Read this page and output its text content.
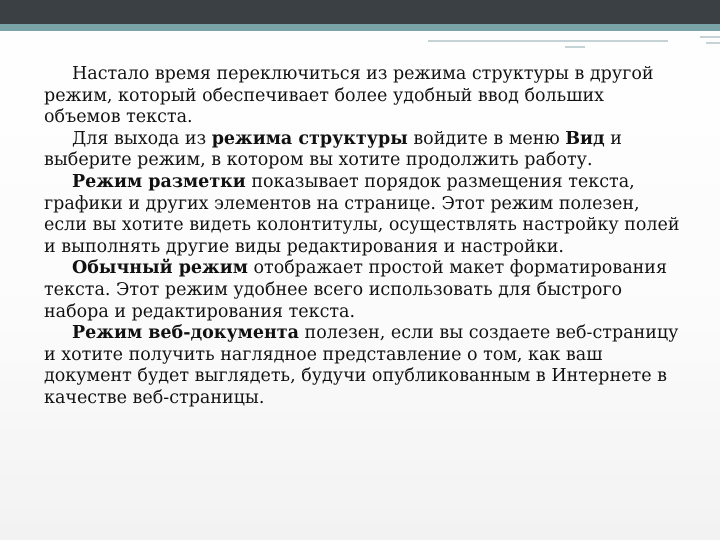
Настало время переключиться из режима структуры в другой режим, который обеспечивает более удобный ввод больших объемов текста.

Для выхода из режима структуры войдите в меню Вид и выберите режим, в котором вы хотите продолжить работу.

Режим разметки показывает порядок размещения текста, графики и других элементов на странице. Этот режим полезен, если вы хотите видеть колонтитулы, осуществлять настройку полей и выполнять другие виды редактирования и настройки.

Обычный режим отображает простой макет форматирования текста. Этот режим удобнее всего использовать для быстрого набора и редактирования текста.

Режим веб-документа полезен, если вы создаете веб-страницу и хотите получить наглядное представление о том, как ваш документ будет выглядеть, будучи опубликованным в Интернете в качестве веб-страницы.
